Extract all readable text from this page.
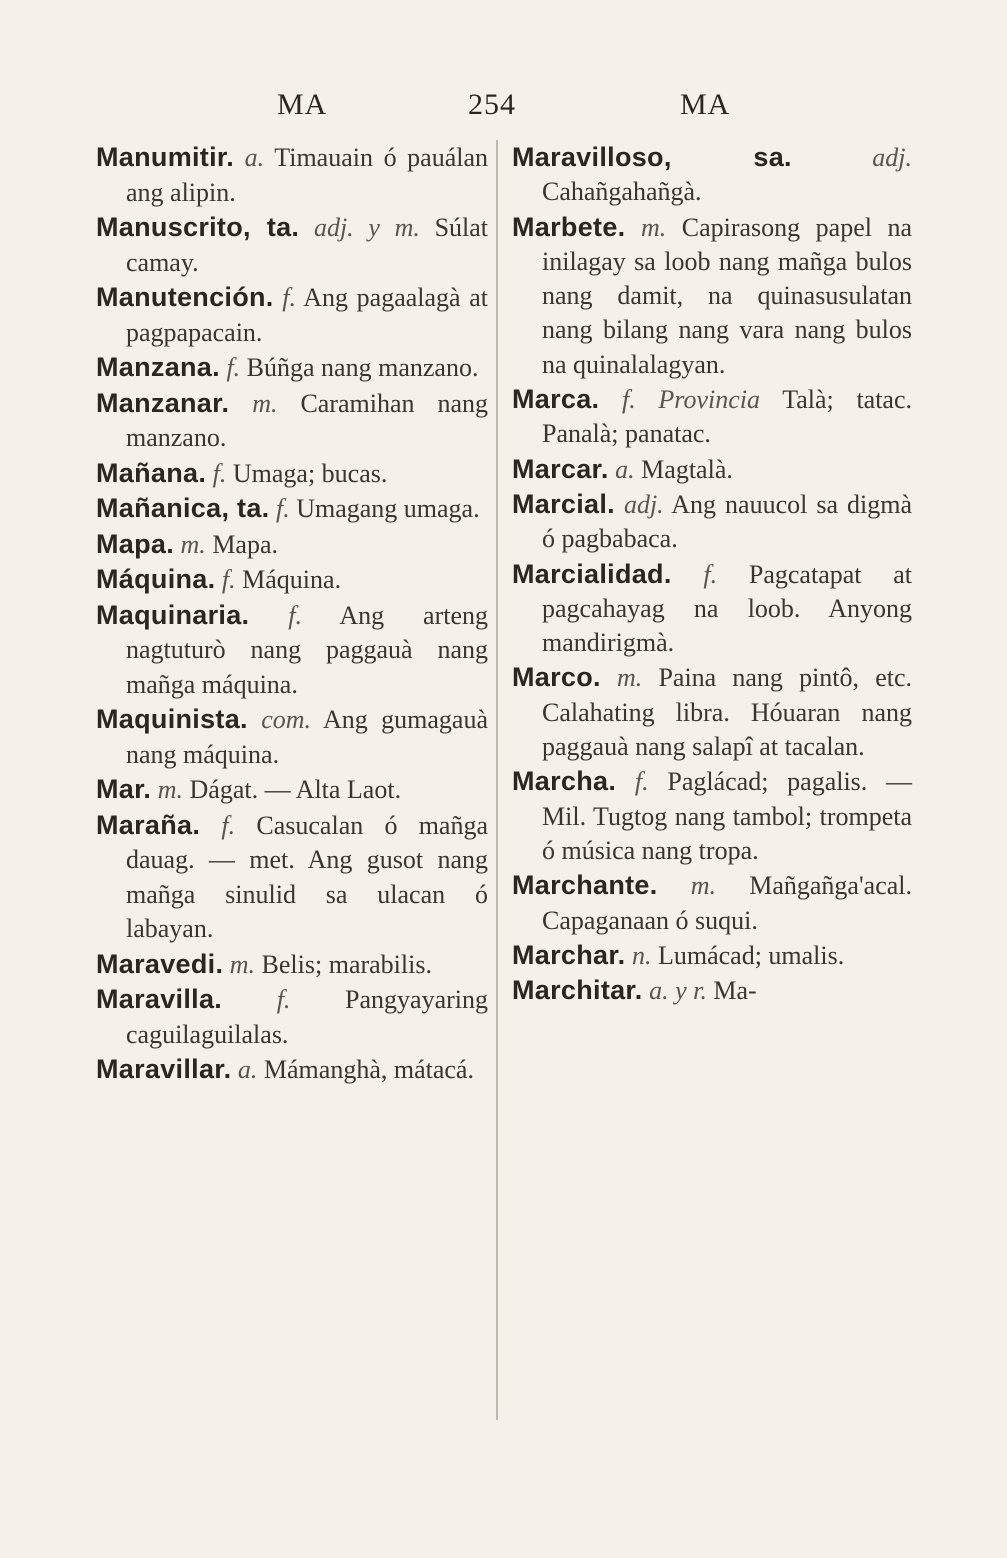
MA	254	MA

Manumitir. a. Timauain ó pauálan ang alipin.

Manuscrito, ta. adj. y m. Súlat camay.

Manutención. f. Ang pagaalagà at pagpapacain.

Manzana. f. Búñga nang manzano.

Manzanar. m. Caramihan nang manzano.

Mañana. f. Umaga; bucas.

Mañanica, ta. f. Umagang umaga.

Mapa. m. Mapa.

Máquina. f. Máquina.

Maquinaria. f. Ang arteng nagtuturò nang paggauà nang mañga máquina.

Maquinista. com. Ang gumagauà nang máquina.

Mar. m. Dágat. — Alta Laot.

Maraña. f. Casucalan ó mañga dauag. — met. Ang gusot nang mañga sinulid sa ulacan ó labayan.

Maravedi. m. Belis; marabilis.

Maravilla. f. Pangyayaring caguilaguilalas.

Maravillar. a. Mámanghà, mátacá.

Maravilloso, sa.	adj. Cahañgahañgà.

Marbete. m. Capirasong papel na inilagay sa loob nang mañga bulos nang damit, na quinasusulatan nang bilang nang vara nang bulos na quinalalagyan.

Marca. f. Provincia Talà; tatac. Panalà; panatac.

Marcar. a. Magtalà.

Marcial. adj. Ang nauucol sa digmà ó pagbabaca.

Marcialidad. f. Pagcatapat at pagcahayag na loob. Anyong mandirigmà.

Marco. m. Paina nang pintô, etc. Calahating libra. Hóuaran nang paggauà nang salapî at tacalan.

Marcha. f. Paglácad; pagalis. — Mil. Tugtog nang tambol; trompeta ó música nang tropa.

Marchante. m. Mañgañga'acal. Capaganaan ó suqui.

Marchar. n. Lumácad; umalis.

Marchitar. a. y r. Ma-
